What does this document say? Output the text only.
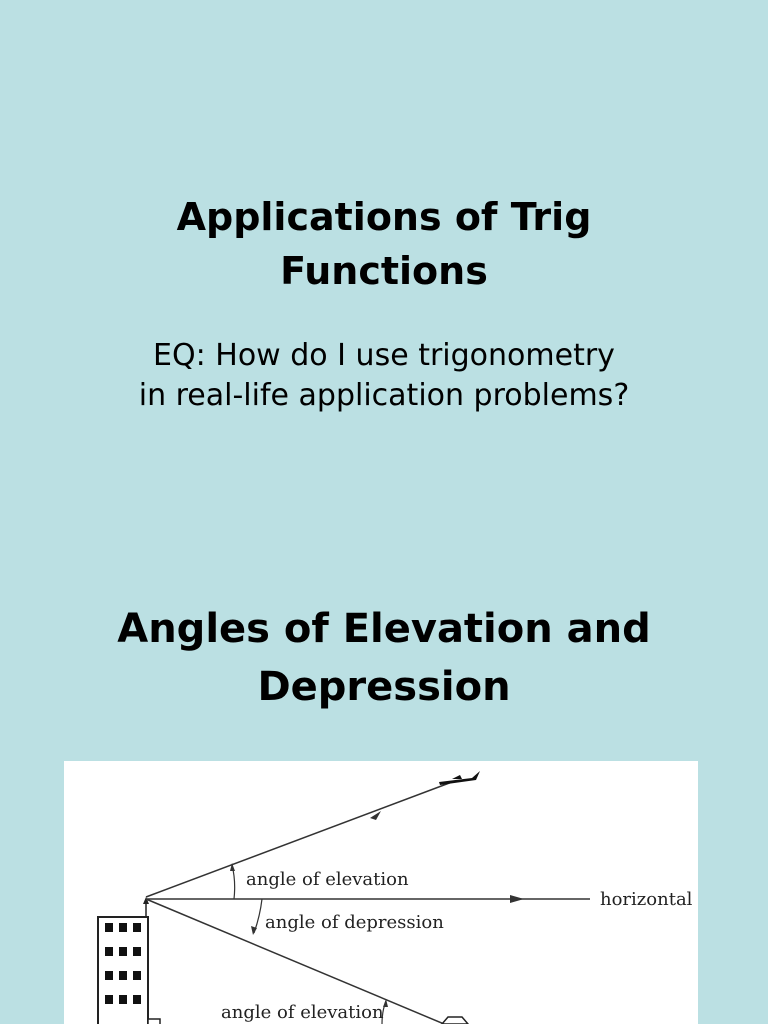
Applications of Trig
Functions
EQ: How do I use trigonometry
in real-life application problems?
Angles of Elevation and
Depression
angle of elevation
angle of depression
horizontal
angle of elevation
